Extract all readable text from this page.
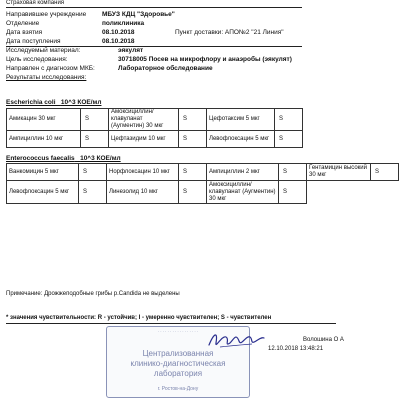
Страховая компания
Направившее учреждение МБУЗ КДЦ "Здоровье"
Отделение	поликлиника
Дата взятия	08.10.2018	Пункт доставки: АПО№2 "21 Линия"
Дата поступления	08.10.2018
Исследуемый материал:	эякулят
Цель исследования:	30718005 Посев на микрофлору и анаэробы (эякулят)
Направлен с диагнозом МКБ:	Лабораторное обследование
Результаты исследования:
Escherichia coli 10^3 КОЕ/мл
Амикацин 30 мкг	S	Амоксициллин/клавуланат (Аугментин) 30 мкг	S	Цефотаксим 5 мкг	S
Ампициллин 10 мкг	S	Цефтазидим 10 мкг	S	Левофлоксацин 5 мкг	S
Enterococcus faecalis 10^3 КОЕ/мл
Ванкомицин 5 мкг	S	Норфлоксацин 10 мкг	S	Ампициллин 2 мкг	S	Гентамицин высокий 30 мкг	S
Левофлоксацин 5 мкг	S	Линезолид 10 мкг	S	Амоксициллин/клавуланат (Аугментин) 30 мкг	S		
Примечание: Дрожжеподобные грибы p.Candida не выделены
* значения чувствительности: R - устойчив; I - умеренно чувствителен; S - чувствителен
· · · · · · · · · · · · · · · · ·
Централизованная
клинико-диагностическая
лаборатория
г. Ростов-на-Дону
Волошина О А
12.10.2018 13:48:21
